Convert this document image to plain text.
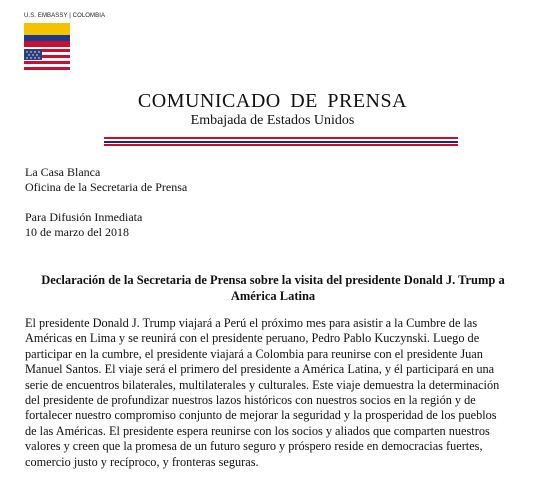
U.S. EMBASSY | COLOMBIA
COMUNICADO DE PRENSA
Embajada de Estados Unidos
La Casa Blanca
Oficina de la Secretaria de Prensa
Para Difusión Inmediata
10 de marzo del 2018
Declaración de la Secretaria de Prensa sobre la visita del presidente Donald J. Trump a
América Latina
El presidente Donald J. Trump viajará a Perú el próximo mes para asistir a la Cumbre de las
Américas en Lima y se reunirá con el presidente peruano, Pedro Pablo Kuczynski. Luego de
participar en la cumbre, el presidente viajará a Colombia para reunirse con el presidente Juan
Manuel Santos. El viaje será el primero del presidente a América Latina, y él participará en una
serie de encuentros bilaterales, multilaterales y culturales. Este viaje demuestra la determinación
del presidente de profundizar nuestros lazos históricos con nuestros socios en la región y de
fortalecer nuestro compromiso conjunto de mejorar la seguridad y la prosperidad de los pueblos
de las Américas. El presidente espera reunirse con los socios y aliados que comparten nuestros
valores y creen que la promesa de un futuro seguro y próspero reside en democracias fuertes,
comercio justo y recíproco, y fronteras seguras.
